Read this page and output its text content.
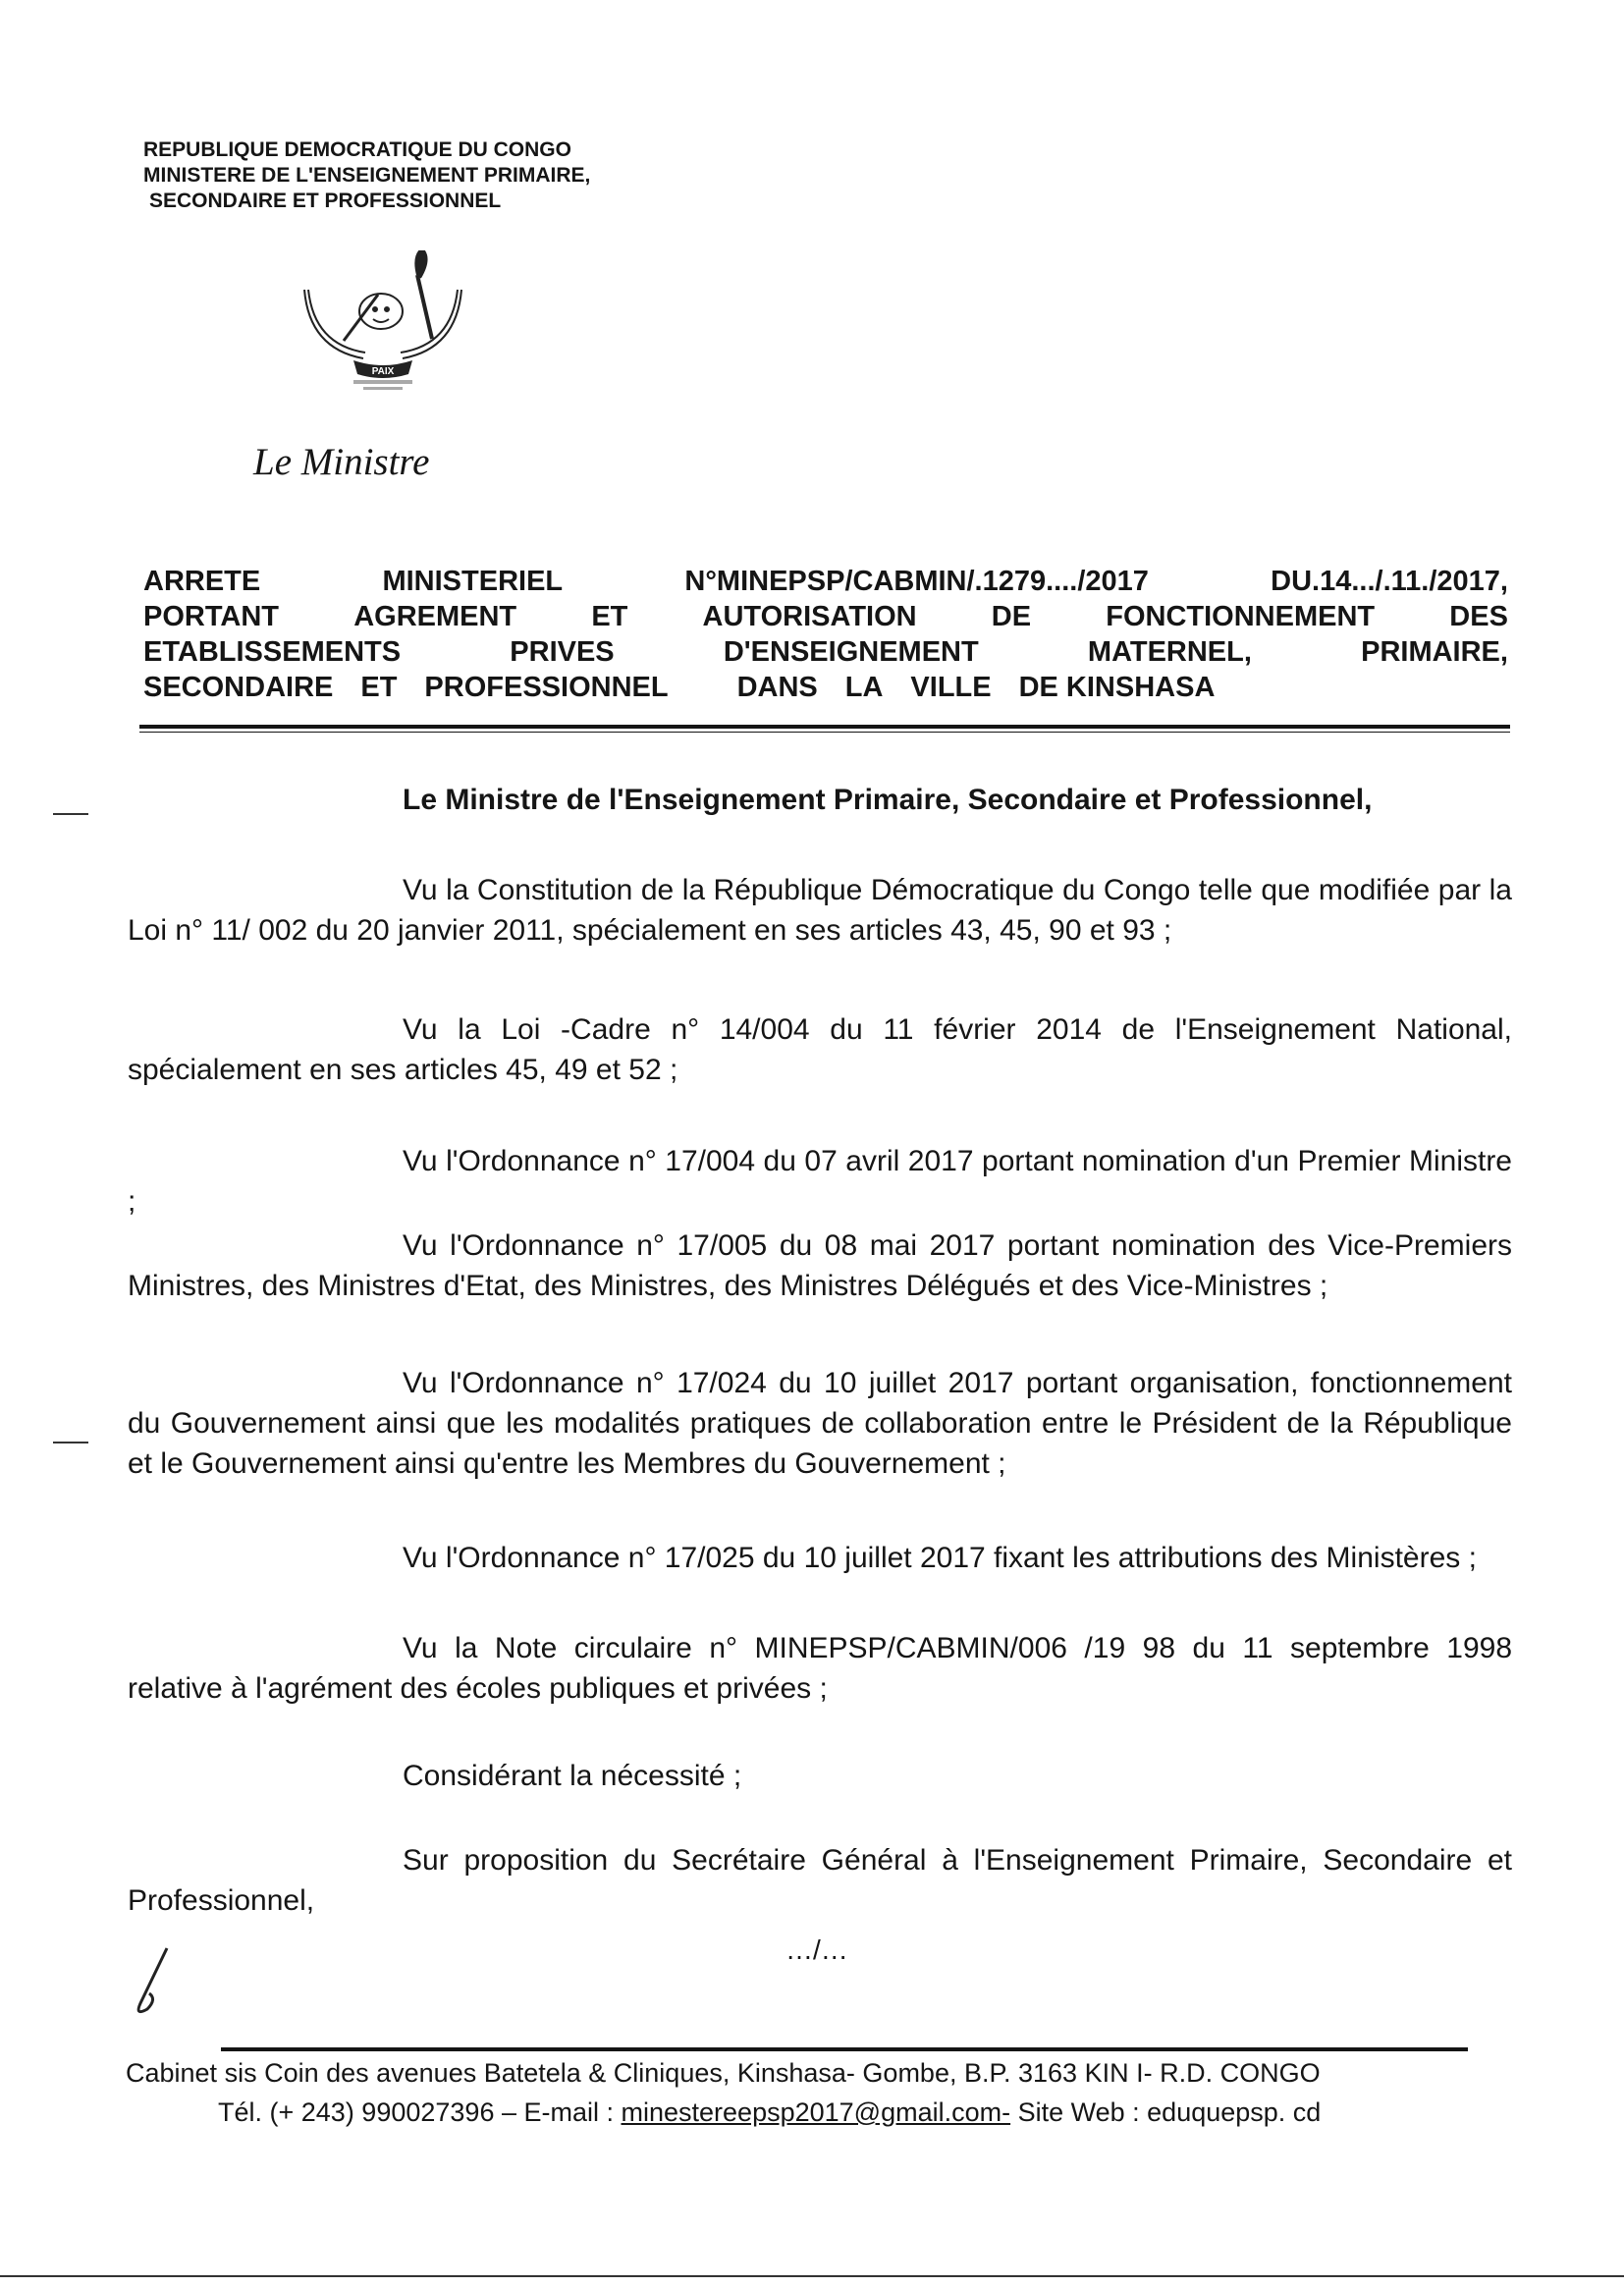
REPUBLIQUE DEMOCRATIQUE DU CONGO
MINISTERE DE L'ENSEIGNEMENT PRIMAIRE,
SECONDAIRE ET PROFESSIONNEL
PAIX
Le Ministre
ARRETE	MINISTERIEL	N°MINEPSP/CABMIN/.1279..../2017	DU.14.../.11./2017,
PORTANT	AGREMENT	ET	AUTORISATION	DE	FONCTIONNEMENT	DES
ETABLISSEMENTS	PRIVES	D'ENSEIGNEMENT	MATERNEL,	PRIMAIRE,
SECONDAIRE ET PROFESSIONNEL DANS LA VILLE DE KINSHASA
Le Ministre de l'Enseignement Primaire, Secondaire et Professionnel,

Vu la Constitution de la République Démocratique du Congo telle que modifiée par la Loi n° 11/ 002 du 20 janvier 2011, spécialement en ses articles 43, 45, 90 et 93 ;

Vu la Loi -Cadre n° 14/004 du 11 février 2014 de l'Enseignement National, spécialement en ses articles 45, 49 et 52 ;

Vu l'Ordonnance n° 17/004 du 07 avril 2017 portant nomination d'un Premier Ministre ;

Vu l'Ordonnance n° 17/005 du 08 mai 2017 portant nomination des Vice-Premiers Ministres, des Ministres d'Etat, des Ministres, des Ministres Délégués et des Vice-Ministres ;

Vu l'Ordonnance n° 17/024 du 10 juillet 2017 portant organisation, fonctionnement du Gouvernement ainsi que les modalités pratiques de collaboration entre le Président de la République et le Gouvernement ainsi qu'entre les Membres du Gouvernement ;

Vu l'Ordonnance n° 17/025 du 10 juillet 2017 fixant les attributions des Ministères ;

Vu la Note circulaire n° MINEPSP/CABMIN/006 /19 98 du 11 septembre 1998 relative à l'agrément des écoles publiques et privées ;

Considérant la nécessité ;

Sur proposition du Secrétaire Général à l'Enseignement Primaire, Secondaire et Professionnel,

…/…
Cabinet sis Coin des avenues Batetela & Cliniques, Kinshasa- Gombe, B.P. 3163 KIN I- R.D. CONGO
Tél. (+ 243) 990027396 – E-mail : minestereepsp2017@gmail.com- Site Web : eduquepsp. cd
